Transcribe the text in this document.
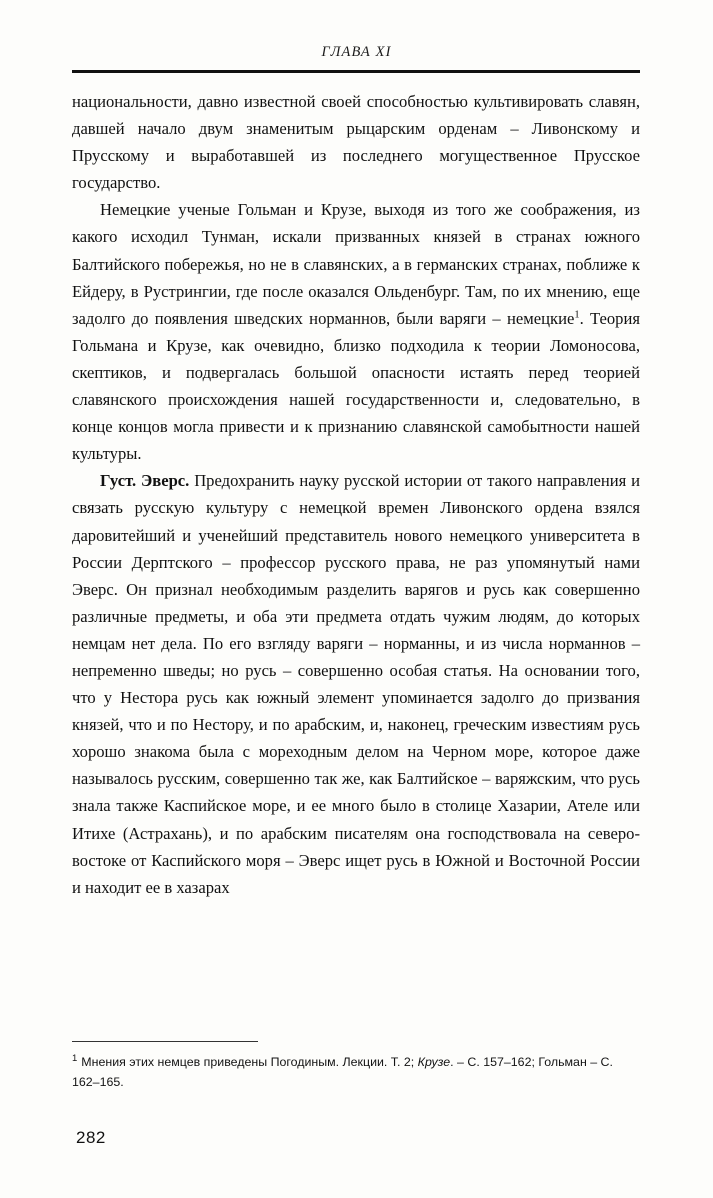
ГЛАВА XI

национальности, давно известной своей способностью культивировать славян, давшей начало двум знаменитым рыцарским орденам – Ливонскому и Прусскому и выработавшей из последнего могущественное Прусское государство.

Немецкие ученые Гольман и Крузе, выходя из того же соображения, из какого исходил Тунман, искали призванных князей в странах южного Балтийского побережья, но не в славянских, а в германских странах, поближе к Ейдеру, в Рустрингии, где после оказался Ольденбург. Там, по их мнению, еще задолго до появления шведских норманнов, были варяги – немецкие$^1$. Теория Гольмана и Крузе, как очевидно, близко подходила к теории Ломоносова, скептиков, и подвергалась большой опасности истаять перед теорией славянского происхождения нашей государственности и, следовательно, в конце концов могла привести и к признанию славянской самобытности нашей культуры.

Густ. Эверс. Предохранить науку русской истории от такого направления и связать русскую культуру с немецкой времен Ливонского ордена взялся даровитейший и ученейший представитель нового немецкого университета в России Дерптского – профессор русского права, не раз упомянутый нами Эверс. Он признал необходимым разделить варягов и русь как совершенно различные предметы, и оба эти предмета отдать чужим людям, до которых немцам нет дела. По его взгляду варяги – норманны, и из числа норманнов – непременно шведы; но русь – совершенно особая статья. На основании того, что у Нестора русь как южный элемент упоминается задолго до призвания князей, что и по Нестору, и по арабским, и, наконец, греческим известиям русь хорошо знакома была с мореходным делом на Черном море, которое даже называлось русским, совершенно так же, как Балтийское – варяжским, что русь знала также Каспийское море, и ее много было в столице Хазарии, Ателе или Итихе (Астрахань), и по арабским писателям она господствовала на северо-востоке от Каспийского моря – Эверс ищет русь в Южной и Восточной России и находит ее в хазарах

$^1$ Мнения этих немцев приведены Погодиным. Лекции. Т. 2; Крузе. – С. 157–162; Гольман – С. 162–165.
282
